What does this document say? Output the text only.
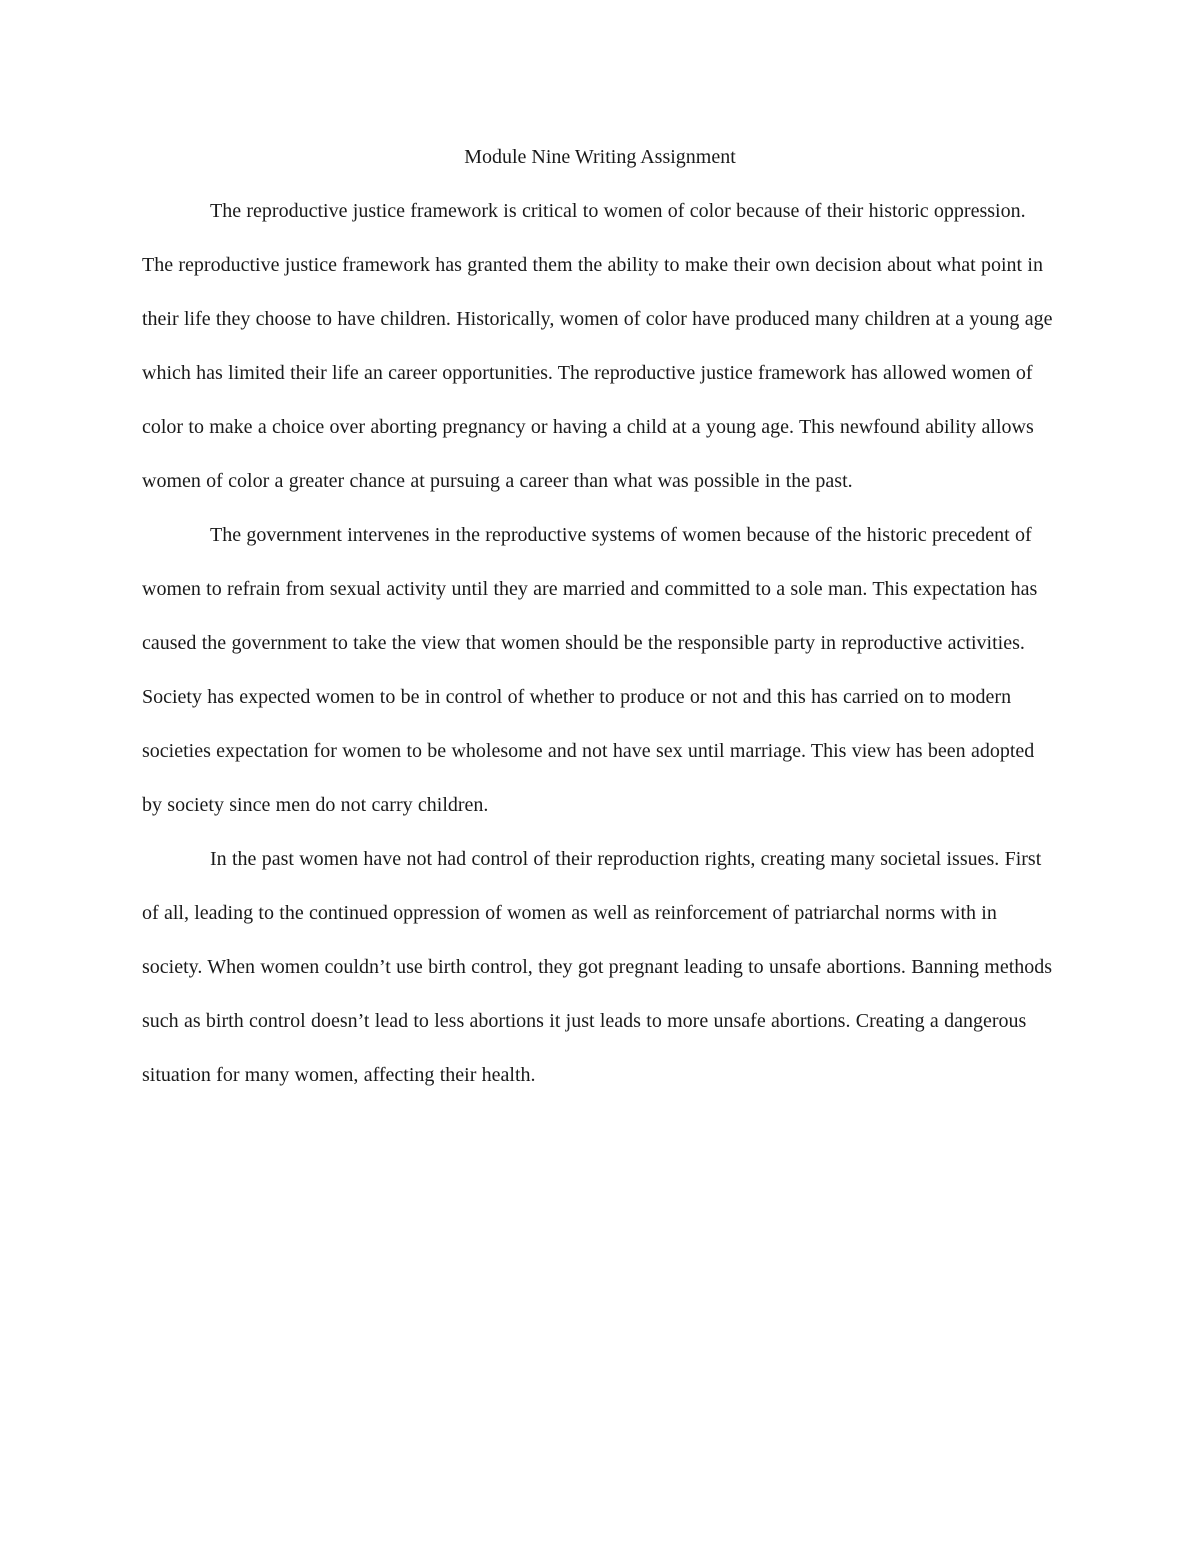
Module Nine Writing Assignment

The reproductive justice framework is critical to women of color because of their historic oppression. The reproductive justice framework has granted them the ability to make their own decision about what point in their life they choose to have children. Historically, women of color have produced many children at a young age which has limited their life an career opportunities. The reproductive justice framework has allowed women of color to make a choice over aborting pregnancy or having a child at a young age. This newfound ability allows women of color a greater chance at pursuing a career than what was possible in the past.

The government intervenes in the reproductive systems of women because of the historic precedent of women to refrain from sexual activity until they are married and committed to a sole man. This expectation has caused the government to take the view that women should be the responsible party in reproductive activities. Society has expected women to be in control of whether to produce or not and this has carried on to modern societies expectation for women to be wholesome and not have sex until marriage. This view has been adopted by society since men do not carry children.

In the past women have not had control of their reproduction rights, creating many societal issues. First of all, leading to the continued oppression of women as well as reinforcement of patriarchal norms with in society. When women couldn’t use birth control, they got pregnant leading to unsafe abortions. Banning methods such as birth control doesn’t lead to less abortions it just leads to more unsafe abortions. Creating a dangerous situation for many women, affecting their health.
